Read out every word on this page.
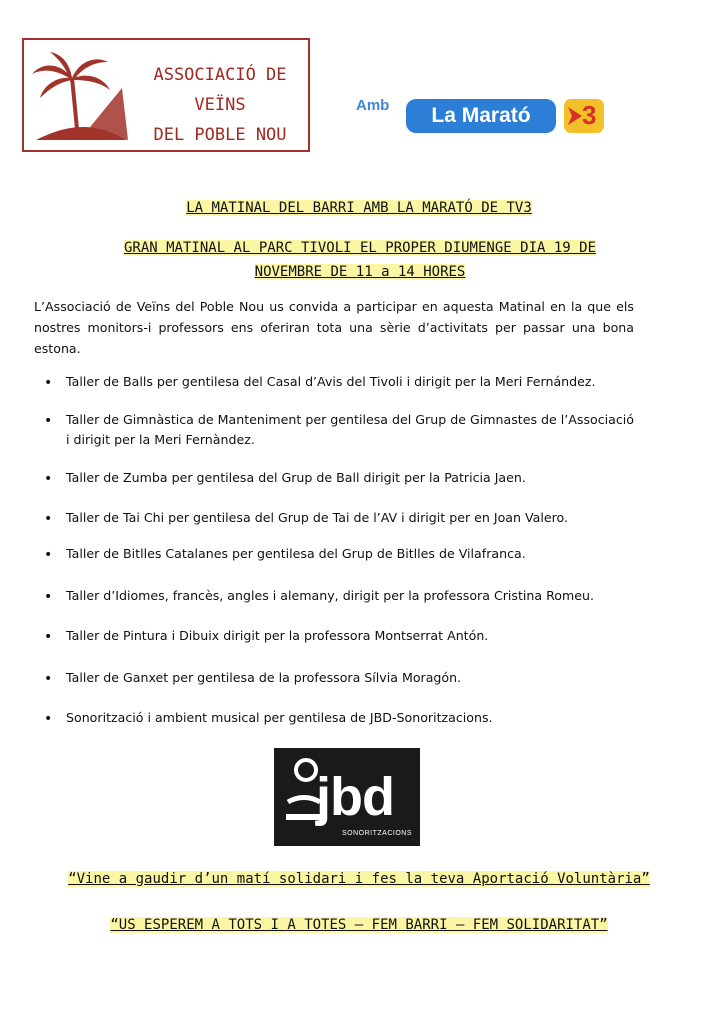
ASSOCIACIÓ DE VEÏNS
DEL POBLE NOU
Amb	La Marató	3
LA MATINAL DEL BARRI AMB LA MARATÓ DE TV3
GRAN MATINAL AL PARC TIVOLI EL PROPER DIUMENGE DIA 19 DE
NOVEMBRE DE 11 a 14 HORES
L’Associació de Veïns del Poble Nou us convida a participar en aquesta Matinal en la que els nostres monitors-i professors ens oferiran tota una sèrie d’activitats per passar una bona estona.
• Taller de Balls per gentilesa del Casal d’Avis del Tivoli i dirigit per la Meri Fernández.
• Taller de Gimnàstica de Manteniment per gentilesa del Grup de Gimnastes de l’Associació i dirigit per la Meri Fernàndez.
• Taller de Zumba per gentilesa del Grup de Ball dirigit per la Patricia Jaen.
• Taller de Tai Chi per gentilesa del Grup de Tai de l’AV i dirigit per en Joan Valero.
• Taller de Bitlles Catalanes per gentilesa del Grup de Bitlles de Vilafranca.
• Taller d’Idiomes, francès, angles i alemany, dirigit per la professora Cristina Romeu.
• Taller de Pintura i Dibuix dirigit per la professora Montserrat Antón.
• Taller de Ganxet per gentilesa de la professora Sílvia Moragón.
• Sonorització i ambient musical per gentilesa de JBD-Sonoritzacions.
jbd
SONORITZACIONS
“Vine a gaudir d’un matí solidari i fes la teva Aportació Voluntària”
“US ESPEREM A TOTS I A TOTES – FEM BARRI – FEM SOLIDARITAT”
